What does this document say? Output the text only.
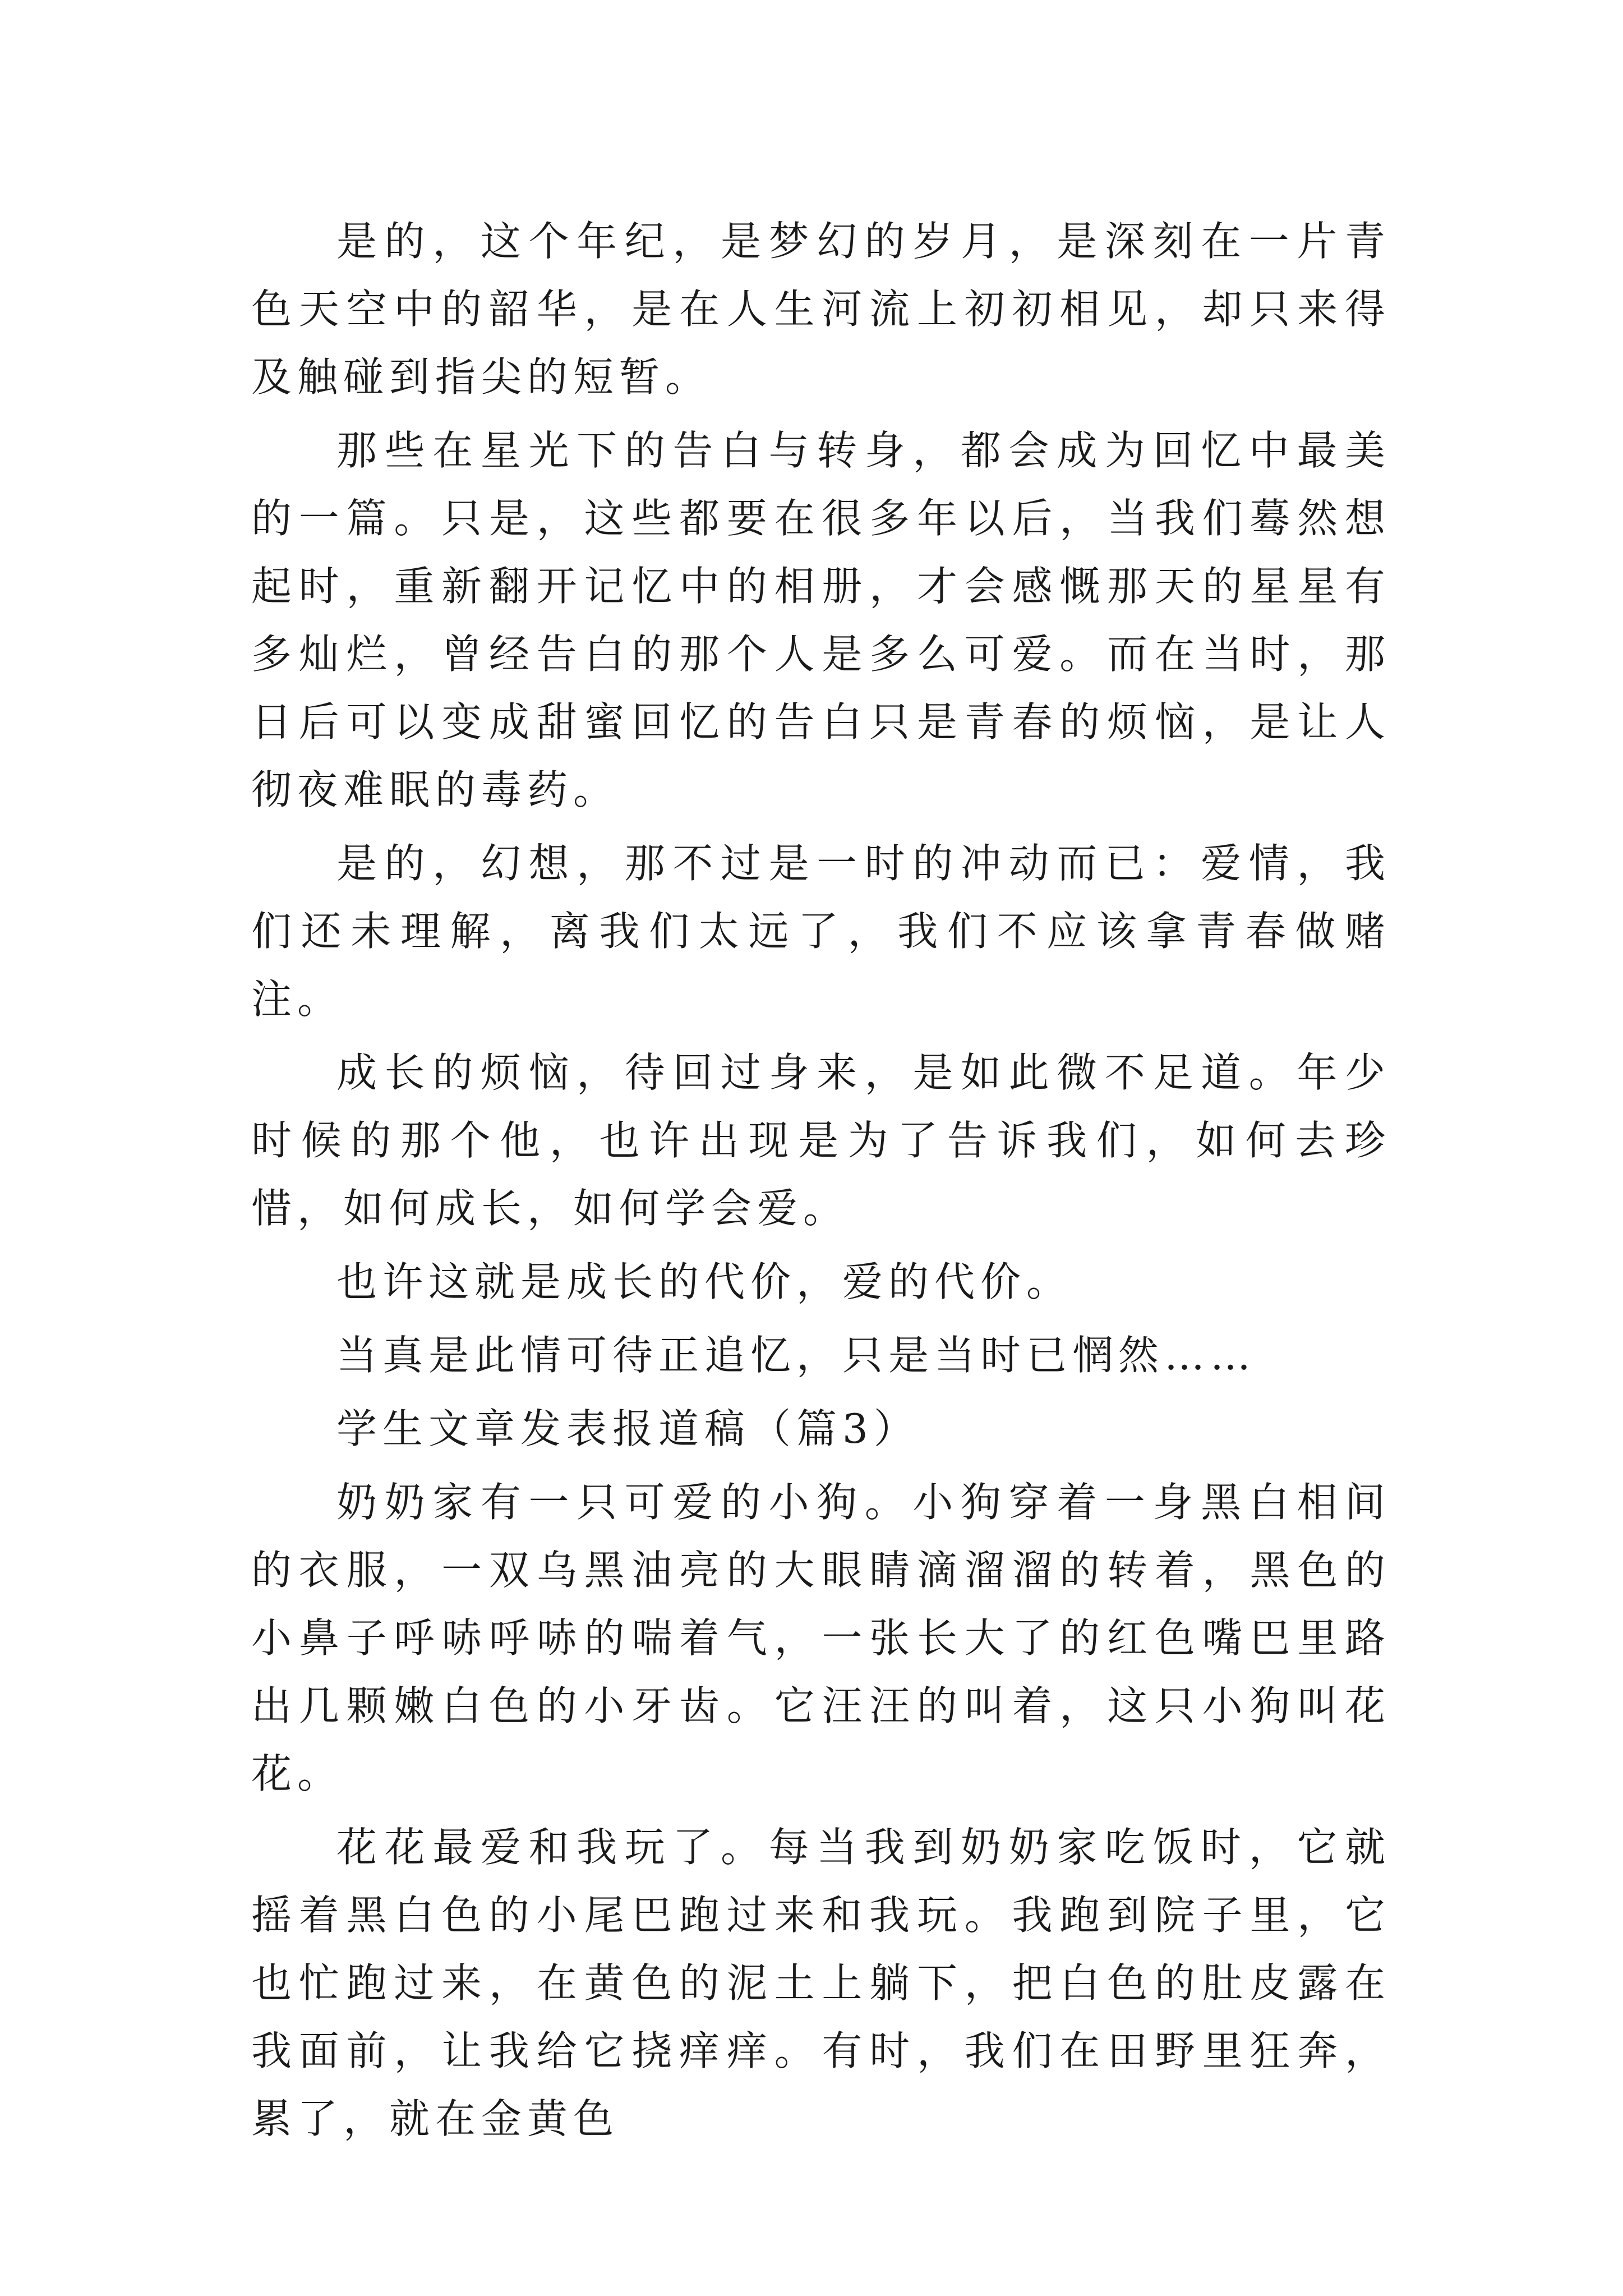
是的，这个年纪，是梦幻的岁月，是深刻在一片青色天空中的韶华，是在人生河流上初初相见，却只来得及触碰到指尖的短暂。

那些在星光下的告白与转身，都会成为回忆中最美的一篇。只是，这些都要在很多年以后，当我们蓦然想起时，重新翻开记忆中的相册，才会感慨那天的星星有多灿烂，曾经告白的那个人是多么可爱。而在当时，那日后可以变成甜蜜回忆的告白只是青春的烦恼，是让人彻夜难眠的毒药。

是的，幻想，那不过是一时的冲动而已：爱情，我们还未理解，离我们太远了，我们不应该拿青春做赌注。

成长的烦恼，待回过身来，是如此微不足道。年少时候的那个他，也许出现是为了告诉我们，如何去珍惜，如何成长，如何学会爱。

也许这就是成长的代价，爱的代价。

当真是此情可待正追忆，只是当时已惘然……

学生文章发表报道稿（篇3）

奶奶家有一只可爱的小狗。小狗穿着一身黑白相间的衣服，一双乌黑油亮的大眼睛滴溜溜的转着，黑色的小鼻子呼哧呼哧的喘着气，一张长大了的红色嘴巴里路出几颗嫩白色的小牙齿。它汪汪的叫着，这只小狗叫花花。

花花最爱和我玩了。每当我到奶奶家吃饭时，它就摇着黑白色的小尾巴跑过来和我玩。我跑到院子里，它也忙跑过来，在黄色的泥土上躺下，把白色的肚皮露在我面前，让我给它挠痒痒。有时，我们在田野里狂奔，累了，就在金黄色
